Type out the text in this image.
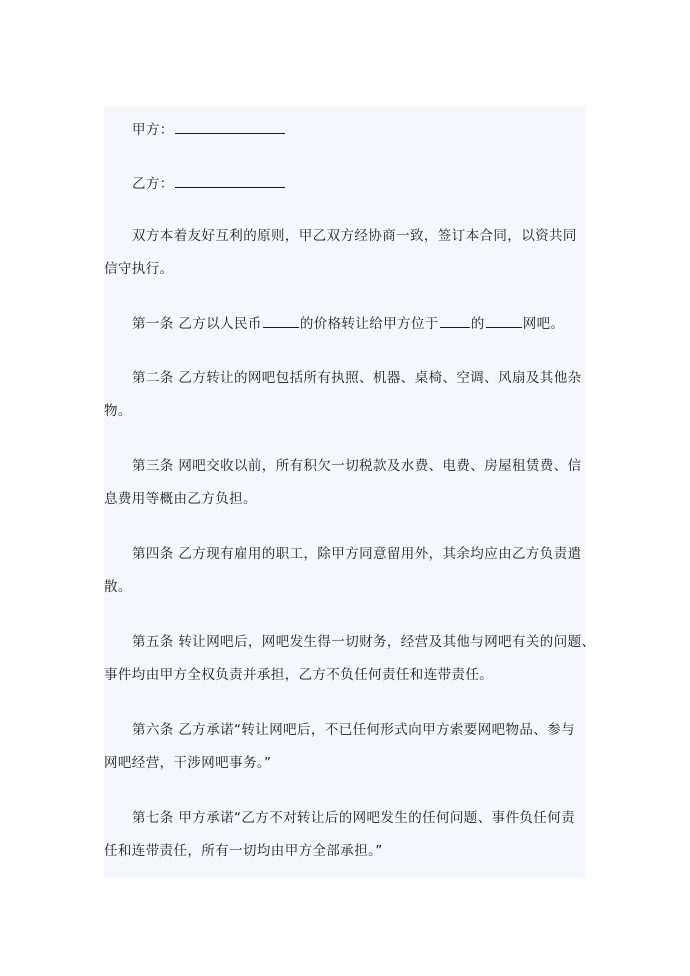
甲方：

乙方：

双方本着友好互利的原则，甲乙双方经协商一致，签订本合同，以资共同
信守执行。

第一条 乙方以人民币	的价格转让给甲方位于 的	网吧。

第二条 乙方转让的网吧包括所有执照、机器、桌椅、空调、风扇及其他杂
物。

第三条 网吧交收以前，所有积欠一切税款及水费、电费、房屋租赁费、信
息费用等概由乙方负担。

第四条 乙方现有雇用的职工，除甲方同意留用外，其余均应由乙方负责遣
散。

第五条 转让网吧后，网吧发生得一切财务，经营及其他与网吧有关的问题、
事件均由甲方全权负责并承担，乙方不负任何责任和连带责任。

第六条 乙方承诺“转让网吧后，不已任何形式向甲方索要网吧物品、参与
网吧经营，干涉网吧事务。”

第七条 甲方承诺“乙方不对转让后的网吧发生的任何问题、事件负任何责
任和连带责任，所有一切均由甲方全部承担。”
